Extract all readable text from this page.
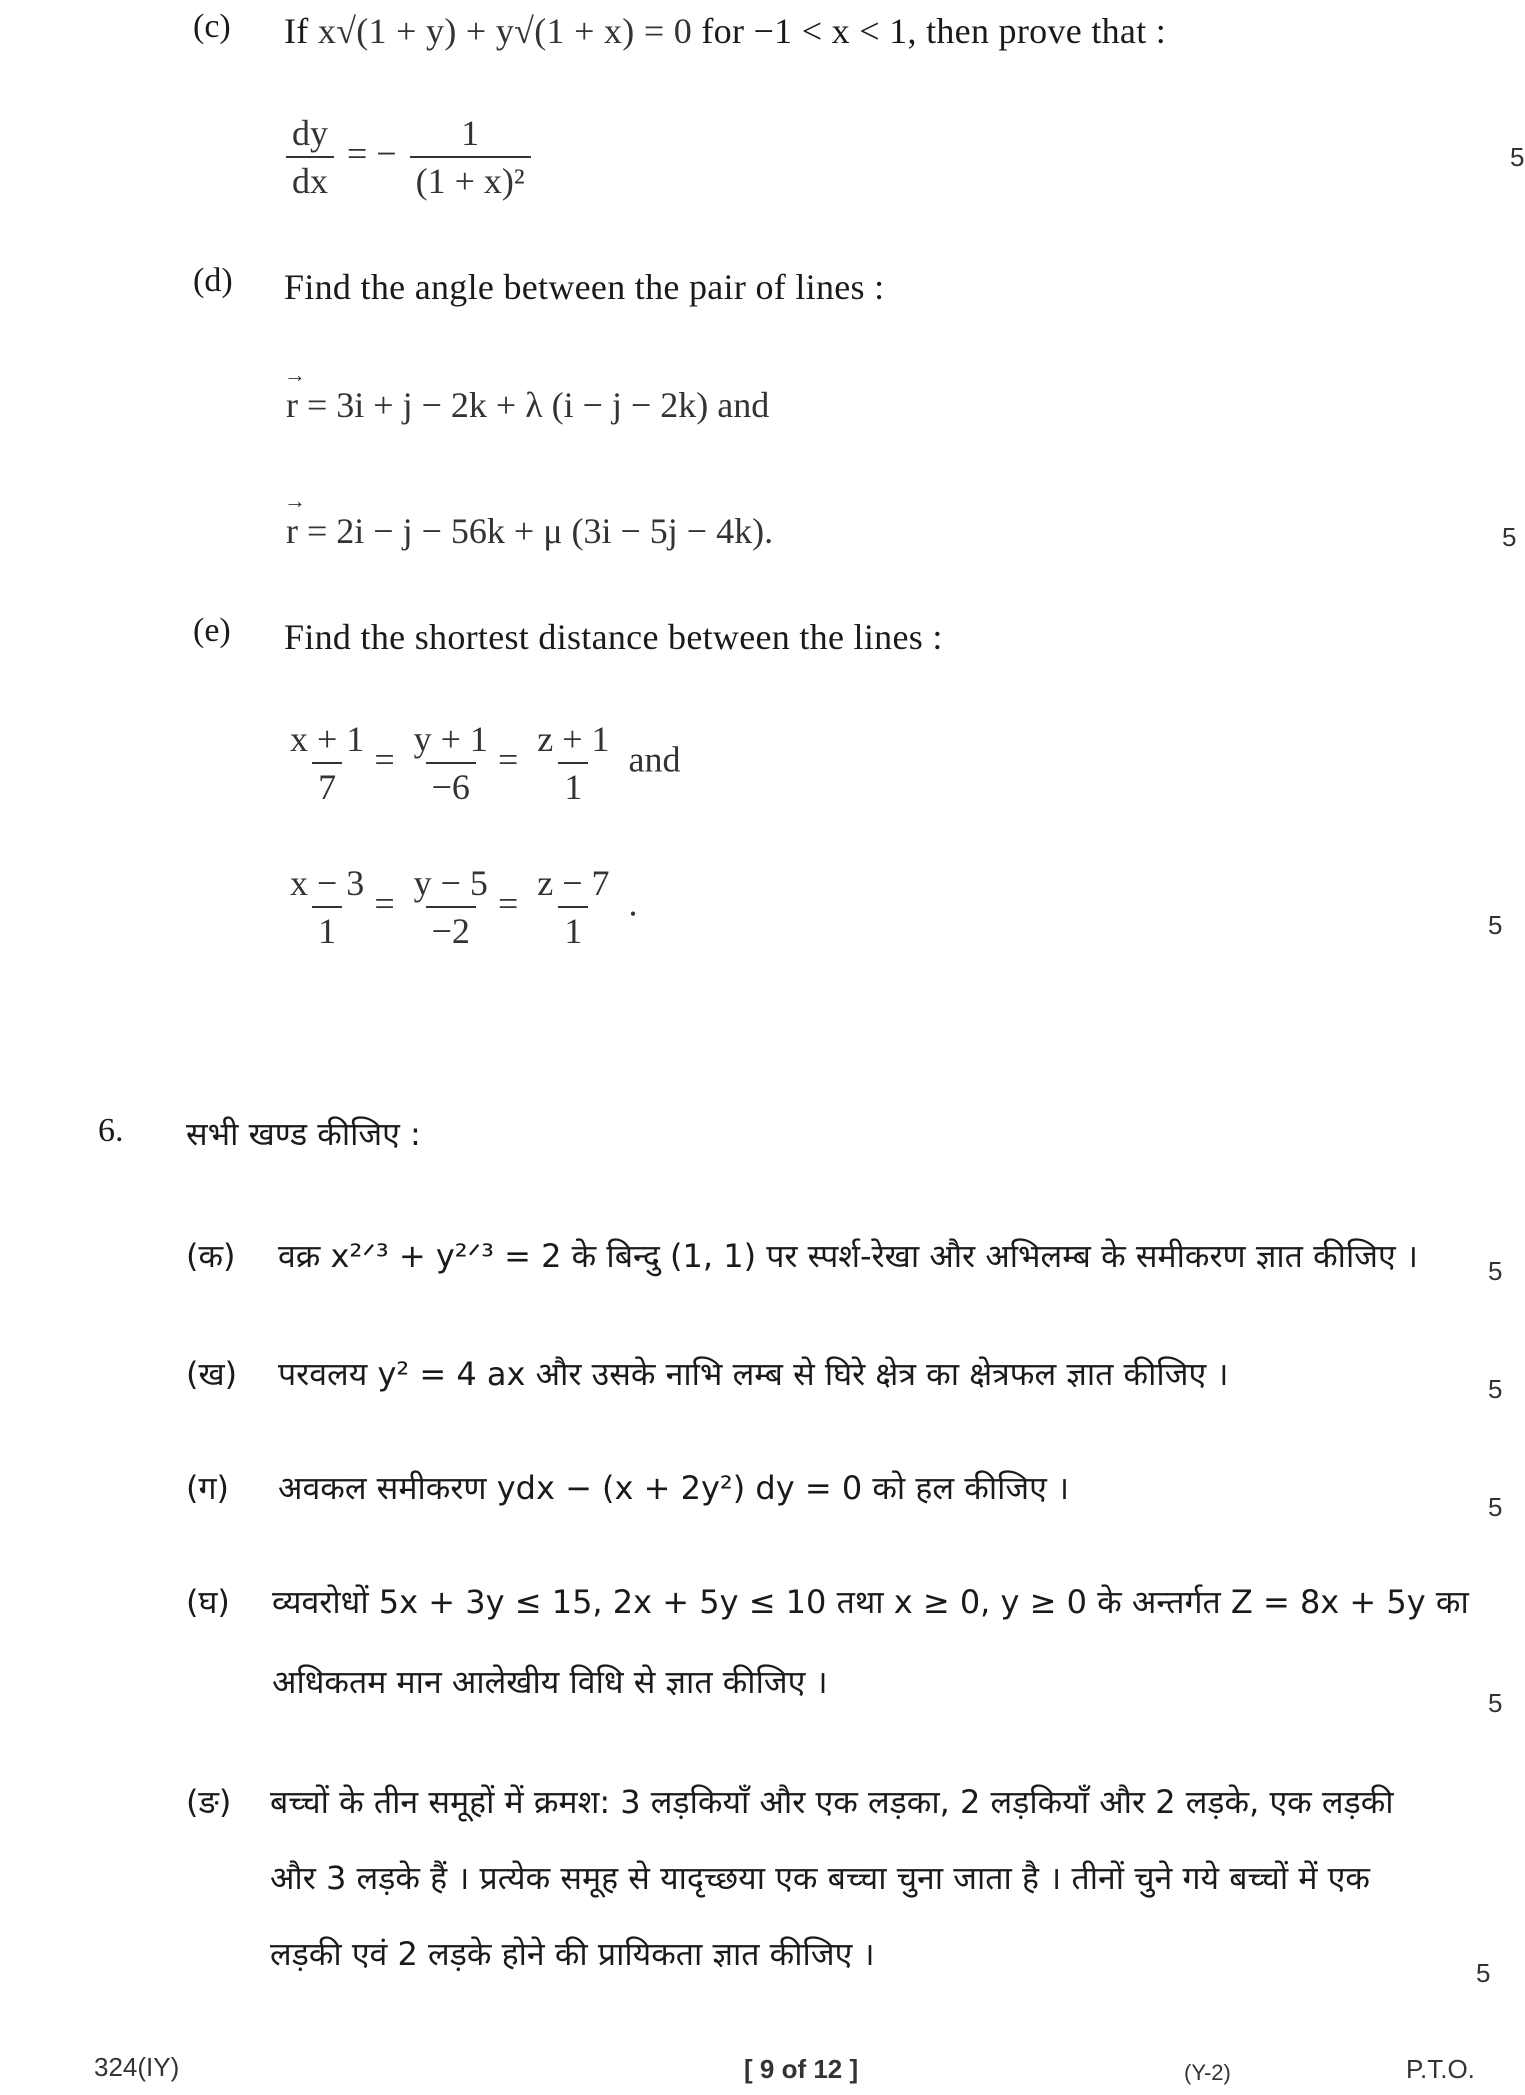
(c) If x√(1 + y) + y√(1 + x) = 0 for −1 < x < 1, then prove that :
$\frac{dy}{dx}$ = − $\frac{1}{\text{(1 + x)²}}$	5
(d) Find the angle between the pair of lines :
→ r = 3i + j − 2k + λ (i − j − 2k) and
→ r = 2i − j − 56k + μ (3i − 5j − 4k).	5
(e) Find the shortest distance between the lines :
$\frac{x + 1}{7} = \frac{y + 1}{-6} = \frac{z + 1}{1}$ and
$\frac{x - 3}{1} = \frac{y - 5}{-2} = \frac{z - 7}{1}$ .
5
6. सभी खण्ड कीजिए :
(क) वक्र x²ᐟ³ + y²ᐟ³ = 2 के बिन्दु (1, 1) पर स्पर्श-रेखा और अभिलम्ब के समीकरण ज्ञात कीजिए ।	5
(ख) परवलय y² = 4 ax और उसके नाभि लम्ब से घिरे क्षेत्र का क्षेत्रफल ज्ञात कीजिए ।	5
(ग) अवकल समीकरण ydx − (x + 2y²) dy = 0 को हल कीजिए ।	5
(घ) व्यवरोधों 5x + 3y ≤ 15, 2x + 5y ≤ 10 तथा x ≥ 0, y ≥ 0 के अन्तर्गत Z = 8x + 5y का
अधिकतम मान आलेखीय विधि से ज्ञात कीजिए ।
5
(ङ) बच्चों के तीन समूहों में क्रमश: 3 लड़कियाँ और एक लड़का, 2 लड़कियाँ और 2 लड़के, एक लड़की
और 3 लड़के हैं । प्रत्येक समूह से यादृच्छया एक बच्चा चुना जाता है । तीनों चुने गये बच्चों में एक
लड़की एवं 2 लड़के होने की प्रायिकता ज्ञात कीजिए ।	5
324(IY)	[ 9 of 12 ]	(Y-2)	P.T.O.
